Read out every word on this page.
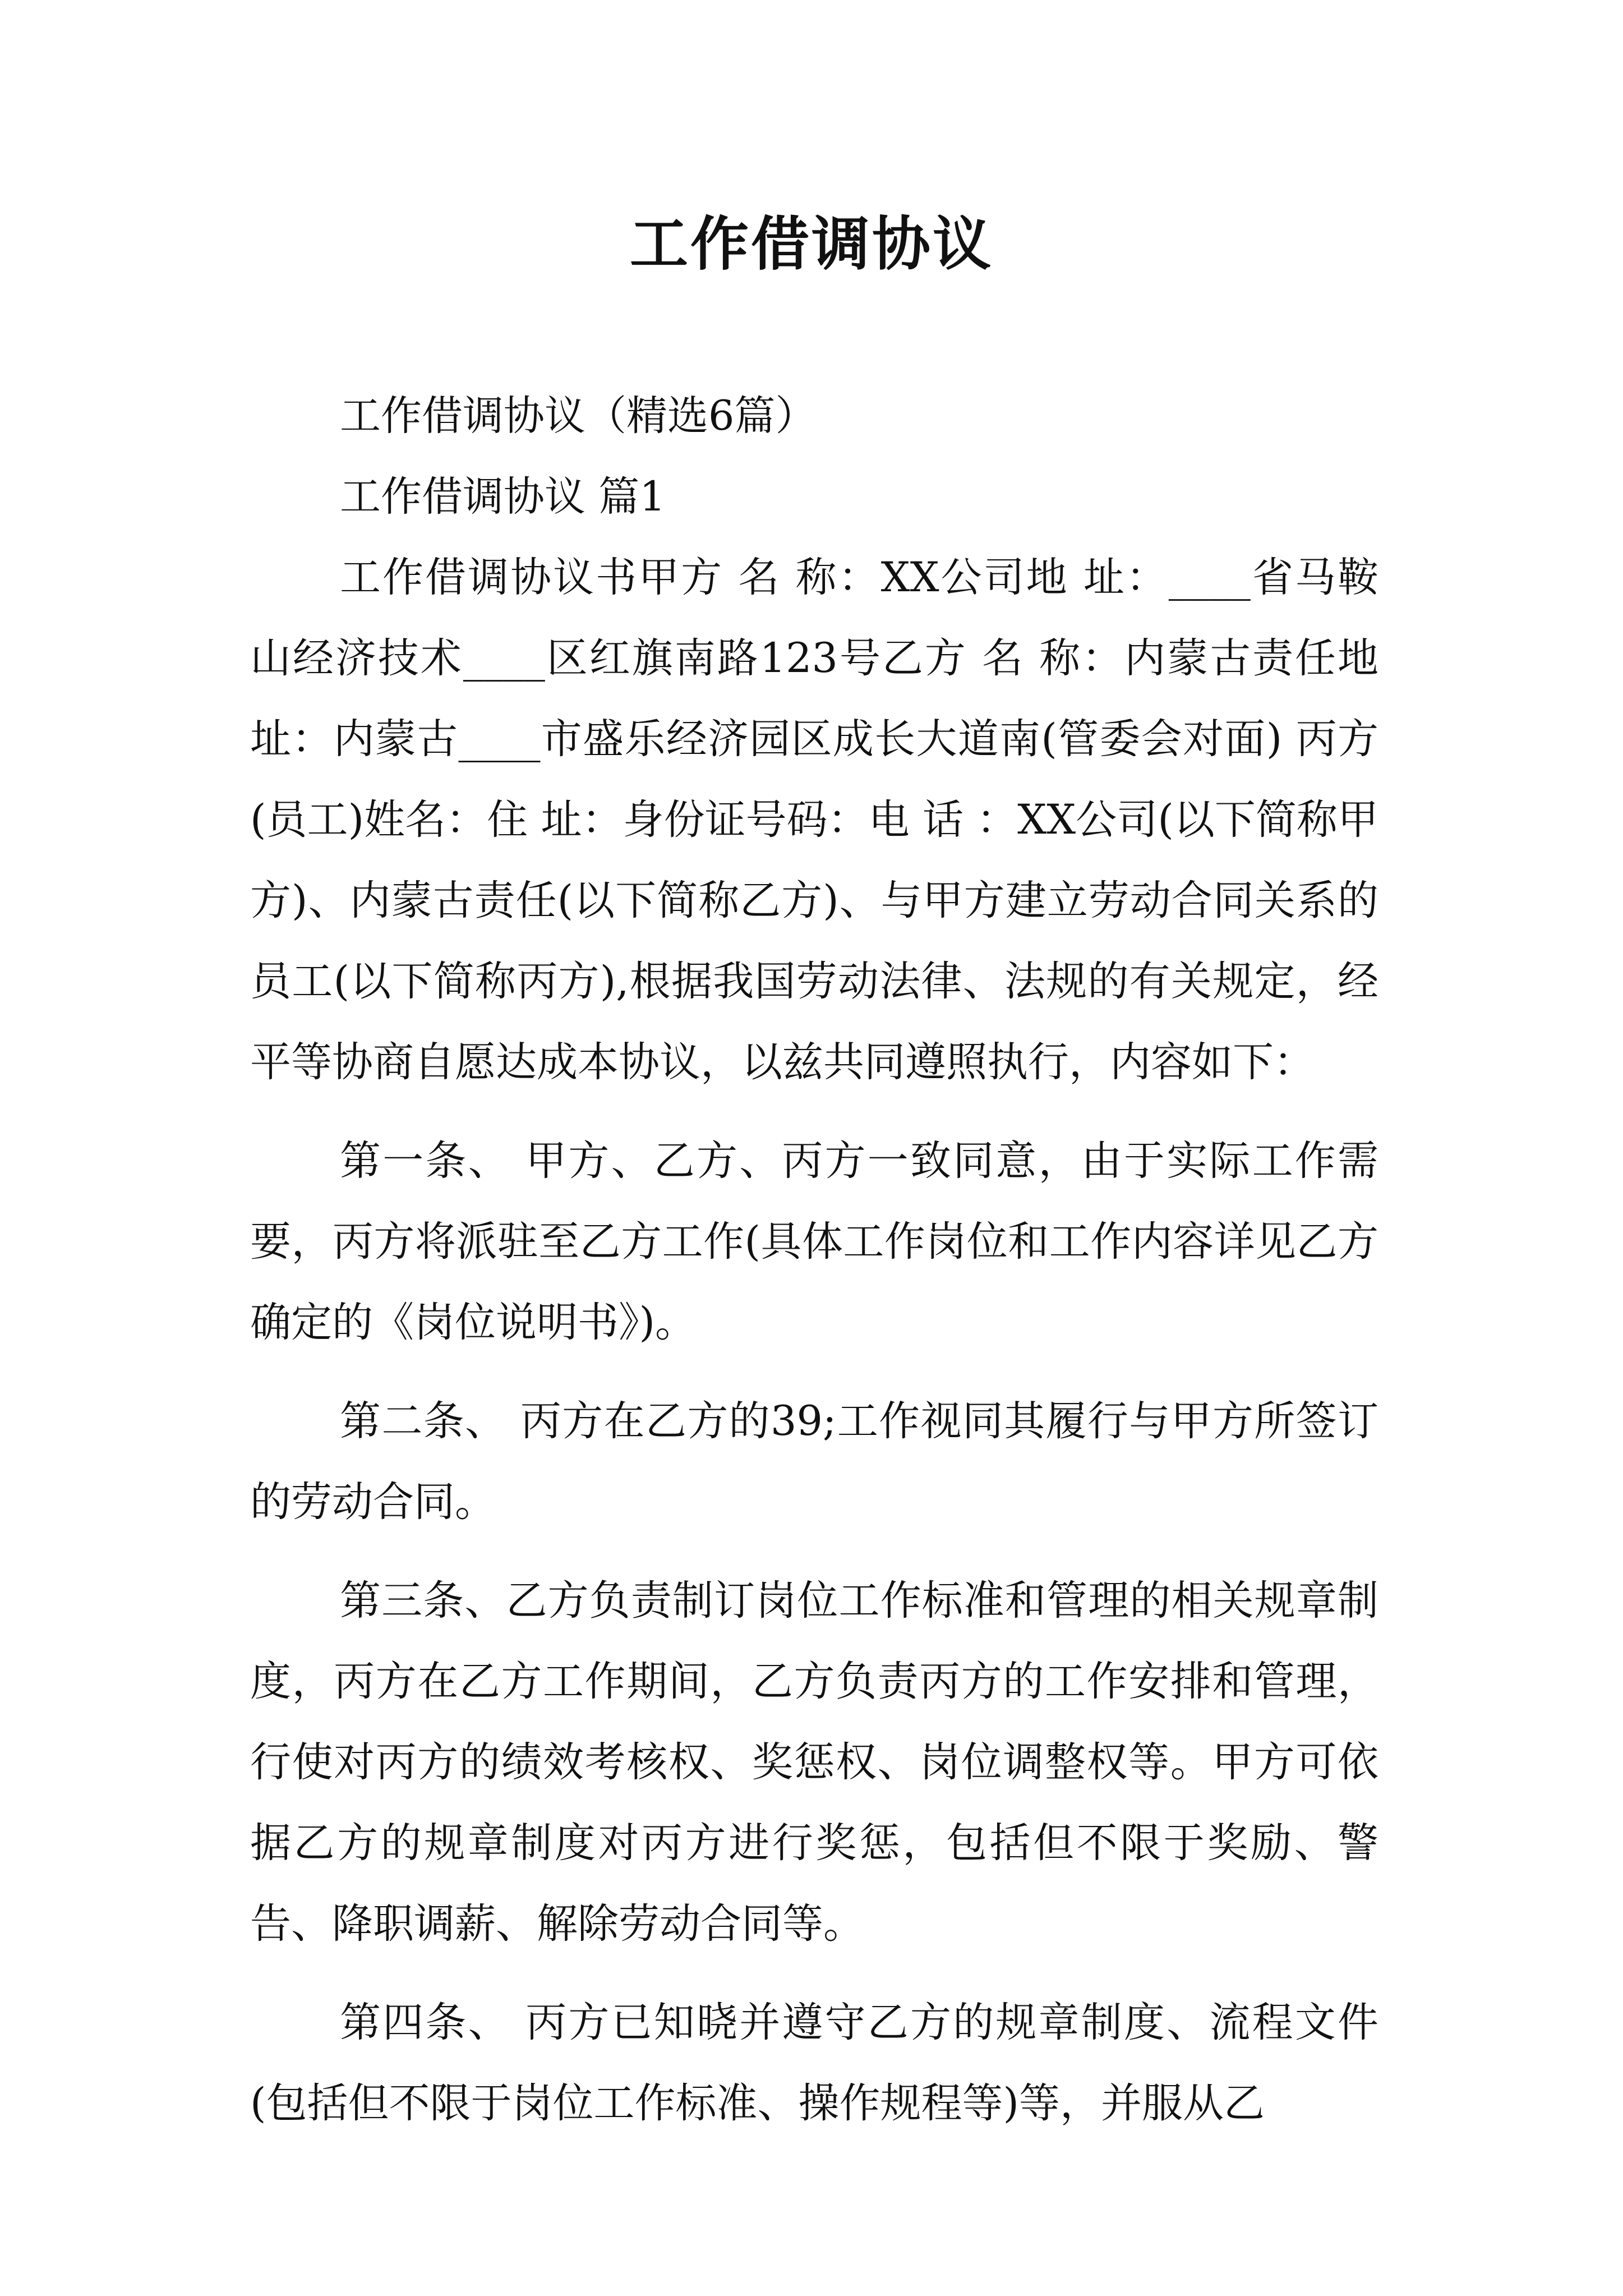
工作借调协议

工作借调协议（精选6篇）

工作借调协议 篇1

工作借调协议书甲方 名 称：XX公司地 址：____省马鞍山经济技术____区红旗南路123号乙方 名 称：内蒙古责任地 址：内蒙古____市盛乐经济园区成长大道南(管委会对面) 丙方(员工)姓名：住 址：身份证号码：电 话 ：XX公司(以下简称甲方)、内蒙古责任(以下简称乙方)、与甲方建立劳动合同关系的员工(以下简称丙方),根据我国劳动法律、法规的有关规定，经平等协商自愿达成本协议，以兹共同遵照执行，内容如下：

第一条、 甲方、乙方、丙方一致同意，由于实际工作需要，丙方将派驻至乙方工作(具体工作岗位和工作内容详见乙方确定的《岗位说明书》)。

第二条、 丙方在乙方的39;工作视同其履行与甲方所签订的劳动合同。

第三条、乙方负责制订岗位工作标准和管理的相关规章制度，丙方在乙方工作期间，乙方负责丙方的工作安排和管理，行使对丙方的绩效考核权、奖惩权、岗位调整权等。甲方可依据乙方的规章制度对丙方进行奖惩，包括但不限于奖励、警告、降职调薪、解除劳动合同等。

第四条、 丙方已知晓并遵守乙方的规章制度、流程文件(包括但不限于岗位工作标准、操作规程等)等，并服从乙
